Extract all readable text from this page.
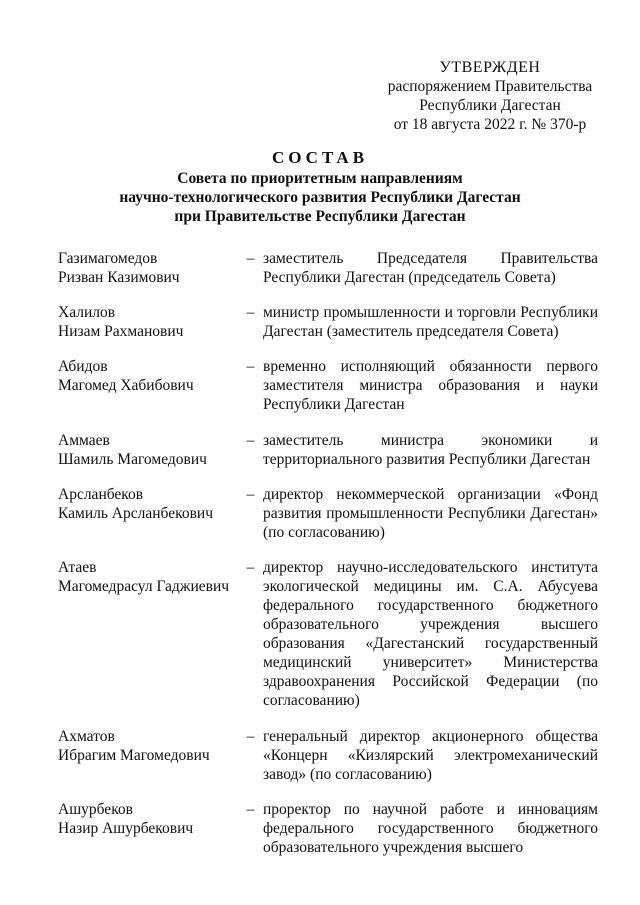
УТВЕРЖДЕН
распоряжением Правительства
Республики Дагестан
от 18 августа 2022 г. № 370-р
СОСТАВ
Совета по приоритетным направлениям
научно-технологического развития Республики Дагестан
при Правительстве Республики Дагестан
Газимагомедов
Ризван Казимович
– заместитель Председателя Правительства Республики Дагестан (председатель Совета)
Халилов
Низам Рахманович
– министр промышленности и торговли Республики Дагестан (заместитель председателя Совета)
Абидов
Магомед Хабибович
– временно исполняющий обязанности первого заместителя министра образования и науки Республики Дагестан
Аммаев
Шамиль Магомедович
– заместитель министра экономики и территориального развития Республики Дагестан
Арсланбеков
Камиль Арсланбекович
– директор некоммерческой организации «Фонд развития промышленности Республики Дагестан» (по согласованию)
Атаев
Магомедрасул Гаджиевич
– директор научно-исследовательского института экологической медицины им. С.А. Абусуева федерального государственного бюджетного образовательного учреждения высшего образования «Дагестанский государственный медицинский университет» Министерства здравоохранения Российской Федерации (по согласованию)
Ахматов
Ибрагим Магомедович
– генеральный директор акционерного общества «Концерн «Кизлярский электромеханический завод» (по согласованию)
Ашурбеков
Назир Ашурбекович
– проректор по научной работе и инновациям федерального государственного бюджетного образовательного учреждения высшего
